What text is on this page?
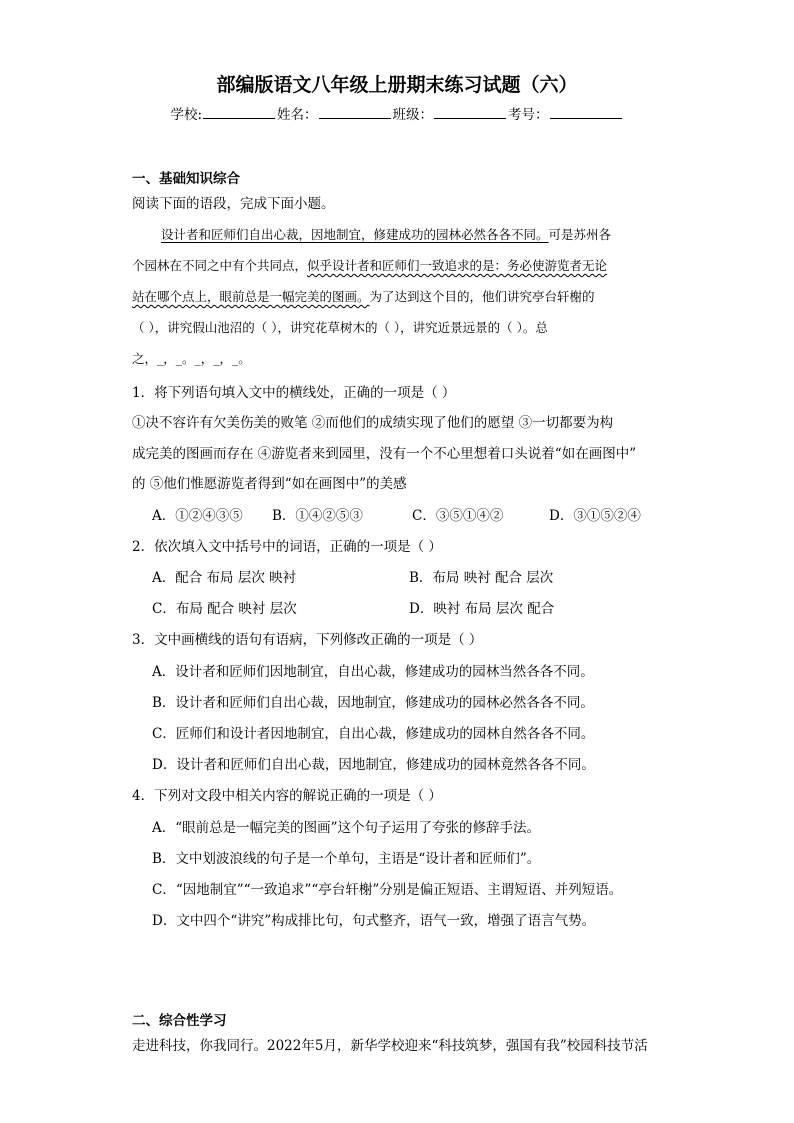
部编版语文八年级上册期末练习试题（六）
学校:	姓名：	班级：	考号：
一、基础知识综合
阅读下面的语段，完成下面小题。
设计者和匠师们自出心裁，因地制宜，修建成功的园林必然各各不同。可是苏州各
个园林在不同之中有个共同点，似乎设计者和匠师们一致追求的是：务必使游览者无论
站在哪个点上，眼前总是一幅完美的图画。为了达到这个目的，他们讲究亭台轩榭的
（ ），讲究假山池沼的（ ），讲究花草树木的（ ），讲究近景远景的（ ）。总
之，_，_。_，_，_。
1．将下列语句填入文中的横线处，正确的一项是（ ）
①决不容许有欠美伤美的败笔 ②而他们的成绩实现了他们的愿望 ③一切都要为构
成完美的图画而存在 ④游览者来到园里，没有一个不心里想着口头说着“如在画图中”
的 ⑤他们惟愿游览者得到“如在画图中”的美感
A．①②④③⑤ B．①④②⑤③	C．③⑤①④②	D．③①⑤②④
2．依次填入文中括号中的词语，正确的一项是（ ）
A．配合 布局 层次 映衬	B．布局 映衬 配合 层次
C．布局 配合 映衬 层次	D．映衬 布局 层次 配合
3．文中画横线的语句有语病，下列修改正确的一项是（ ）
A．设计者和匠师们因地制宜，自出心裁，修建成功的园林当然各各不同。
B．设计者和匠师们自出心裁，因地制宜，修建成功的园林必然各各不同。
C．匠师们和设计者因地制宜，自出心裁，修建成功的园林自然各各不同。
D．设计者和匠师们自出心裁，因地制宜，修建成功的园林竟然各各不同。
4．下列对文段中相关内容的解说正确的一项是（ ）
A．“眼前总是一幅完美的图画”这个句子运用了夸张的修辞手法。
B．文中划波浪线的句子是一个单句，主语是“设计者和匠师们”。
C．“因地制宜”“一致追求”“亭台轩榭”分别是偏正短语、主谓短语、并列短语。
D．文中四个“讲究”构成排比句，句式整齐，语气一致，增强了语言气势。
二、综合性学习
走进科技，你我同行。2022年5月，新华学校迎来“科技筑梦，强国有我”校园科技节活
